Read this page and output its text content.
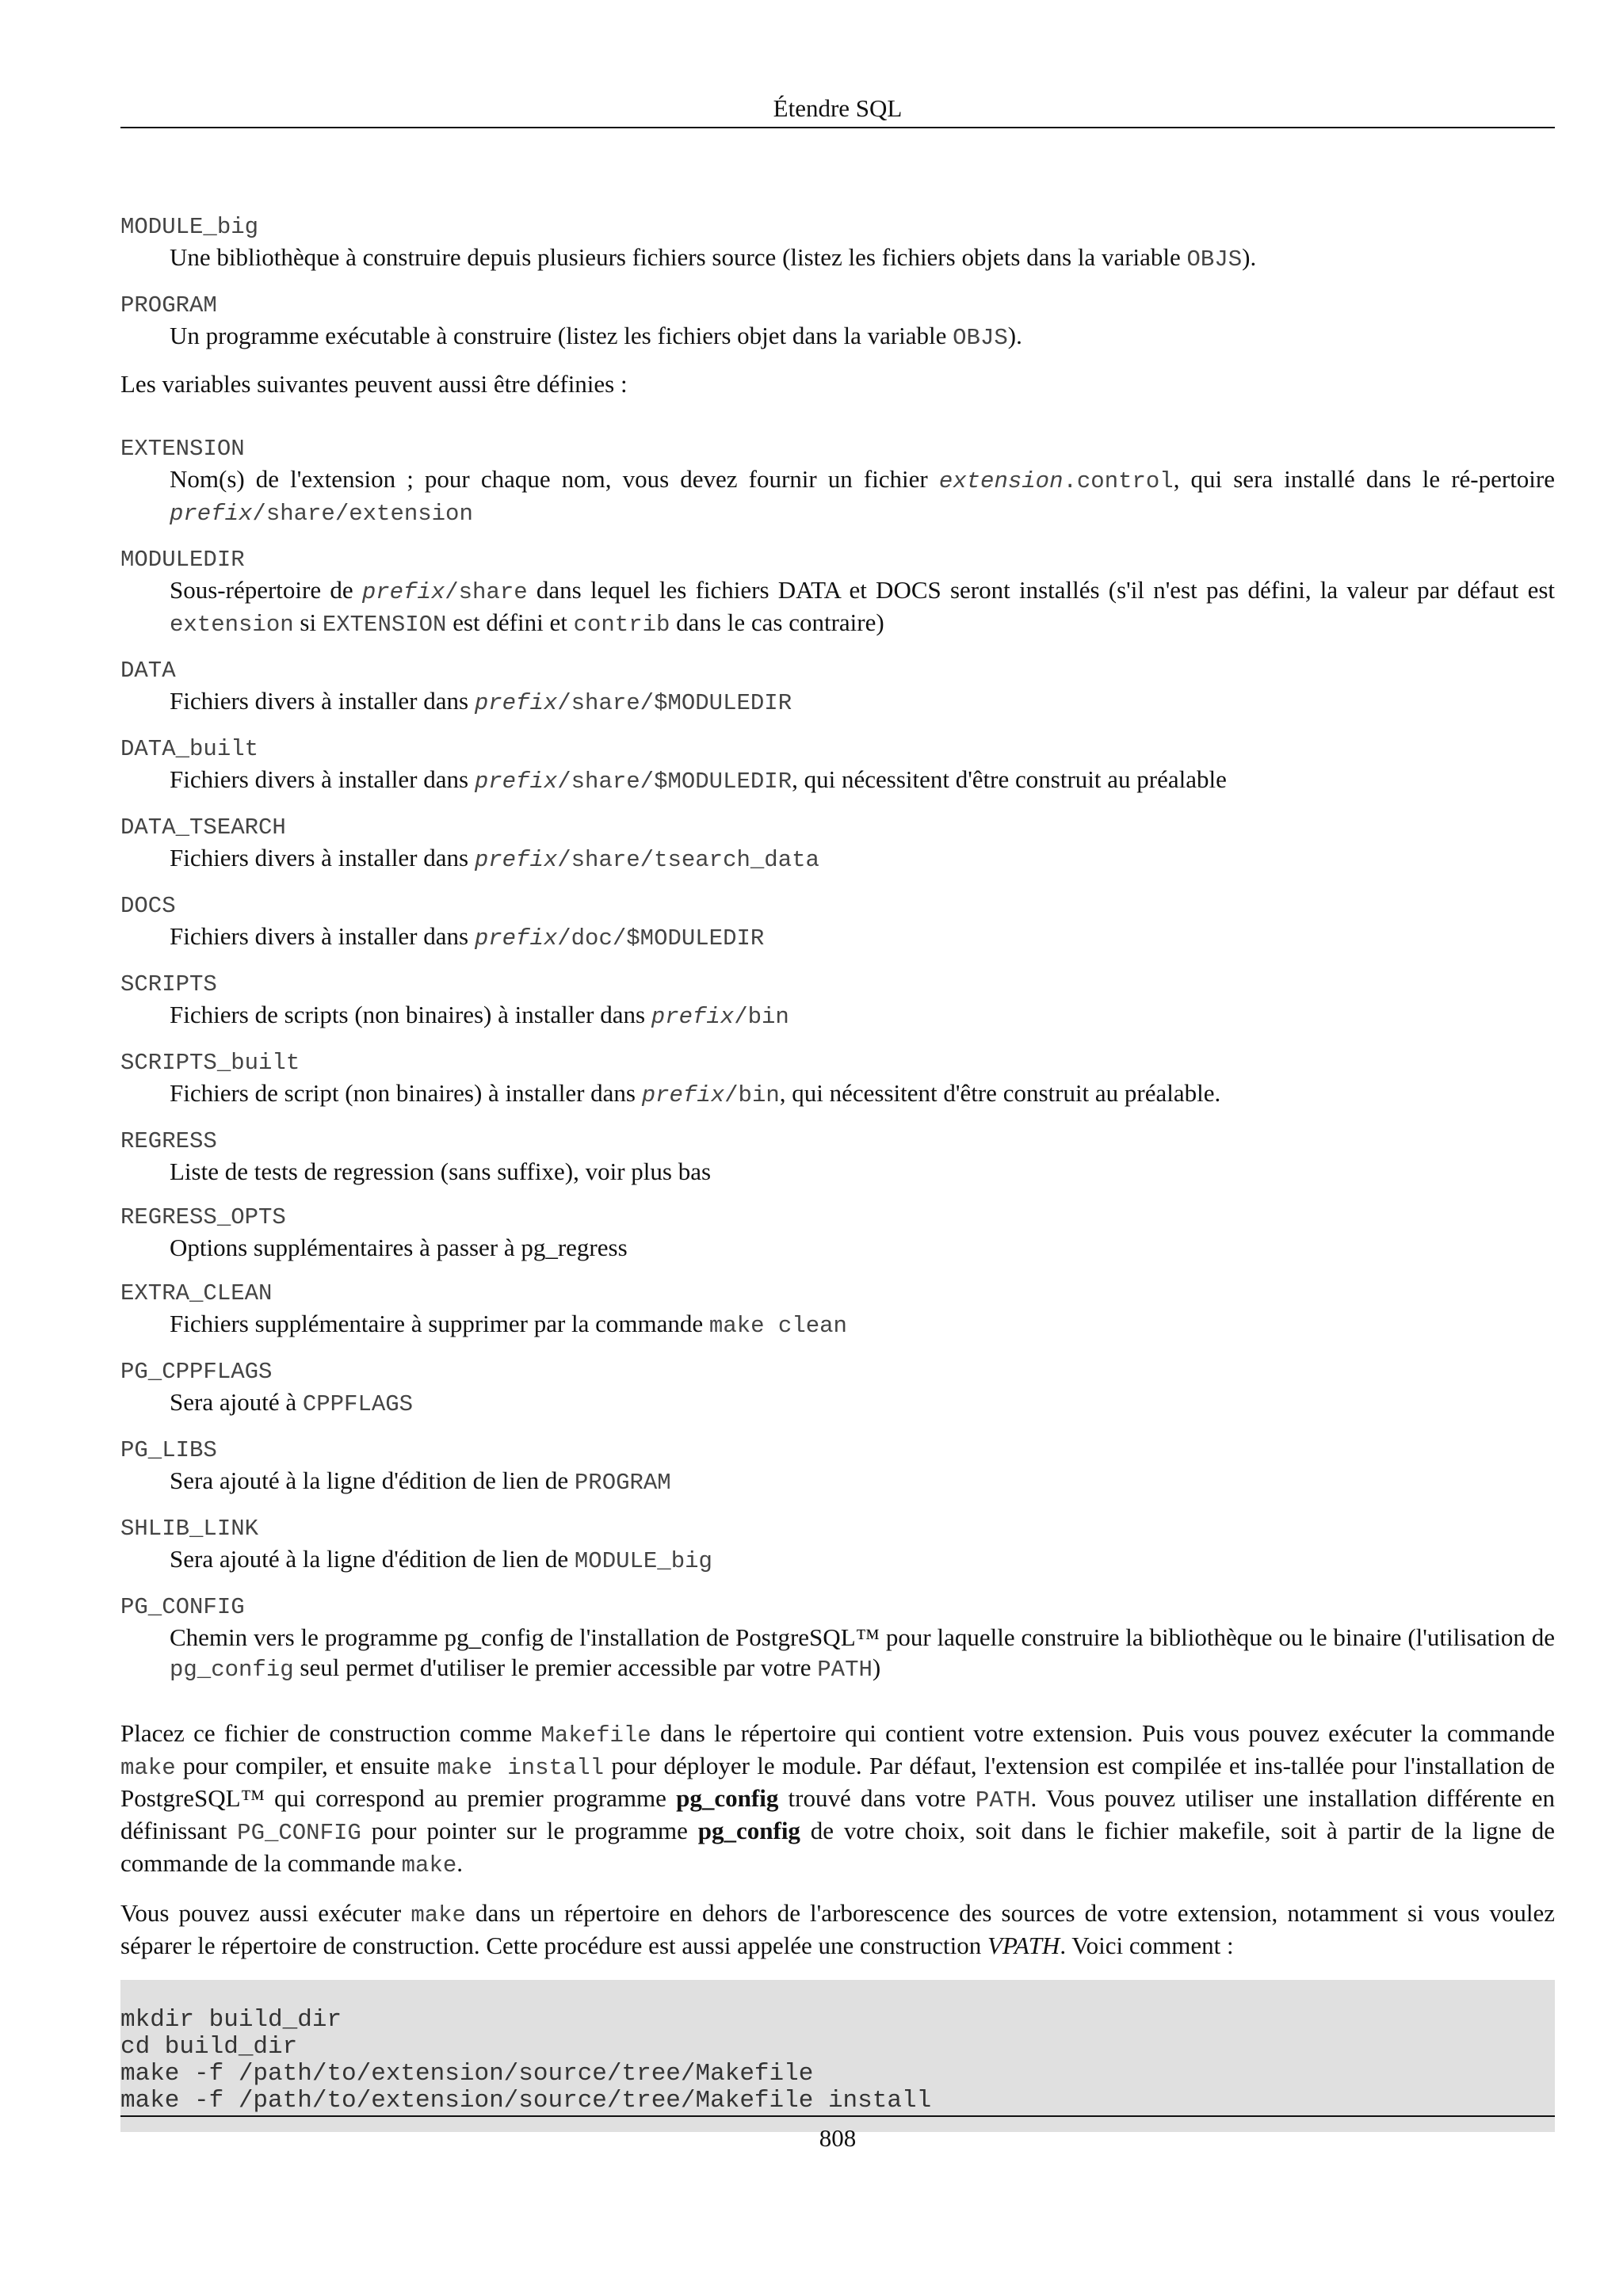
Étendre SQL

MODULE_big

Une bibliothèque à construire depuis plusieurs fichiers source (listez les fichiers objets dans la variable OBJS).

PROGRAM

Un programme exécutable à construire (listez les fichiers objet dans la variable OBJS).

Les variables suivantes peuvent aussi être définies :

EXTENSION

Nom(s) de l'extension ; pour chaque nom, vous devez fournir un fichier extension.control, qui sera installé dans le ré-pertoire prefix/share/extension

MODULEDIR

Sous-répertoire de prefix/share dans lequel les fichiers DATA et DOCS seront installés (s'il n'est pas défini, la valeur par défaut est extension si EXTENSION est défini et contrib dans le cas contraire)

DATA

Fichiers divers à installer dans prefix/share/$MODULEDIR

DATA_built

Fichiers divers à installer dans prefix/share/$MODULEDIR, qui nécessitent d'être construit au préalable

DATA_TSEARCH

Fichiers divers à installer dans prefix/share/tsearch_data

DOCS

Fichiers divers à installer dans prefix/doc/$MODULEDIR

SCRIPTS

Fichiers de scripts (non binaires) à installer dans prefix/bin

SCRIPTS_built

Fichiers de script (non binaires) à installer dans prefix/bin, qui nécessitent d'être construit au préalable.

REGRESS

Liste de tests de regression (sans suffixe), voir plus bas

REGRESS_OPTS

Options supplémentaires à passer à pg_regress

EXTRA_CLEAN

Fichiers supplémentaire à supprimer par la commande make clean

PG_CPPFLAGS

Sera ajouté à CPPFLAGS

PG_LIBS

Sera ajouté à la ligne d'édition de lien de PROGRAM

SHLIB_LINK

Sera ajouté à la ligne d'édition de lien de MODULE_big

PG_CONFIG

Chemin vers le programme pg_config de l'installation de PostgreSQL™ pour laquelle construire la bibliothèque ou le binaire (l'utilisation de pg_config seul permet d'utiliser le premier accessible par votre PATH)

Placez ce fichier de construction comme Makefile dans le répertoire qui contient votre extension. Puis vous pouvez exécuter la commande make pour compiler, et ensuite make install pour déployer le module. Par défaut, l'extension est compilée et ins-tallée pour l'installation de PostgreSQL™ qui correspond au premier programme pg_config trouvé dans votre PATH. Vous pouvez utiliser une installation différente en définissant PG_CONFIG pour pointer sur le programme pg_config de votre choix, soit dans le fichier makefile, soit à partir de la ligne de commande de la commande make.

Vous pouvez aussi exécuter make dans un répertoire en dehors de l'arborescence des sources de votre extension, notamment si vous voulez séparer le répertoire de construction. Cette procédure est aussi appelée une construction VPATH. Voici comment :

mkdir build_dir
cd build_dir
make -f /path/to/extension/source/tree/Makefile
make -f /path/to/extension/source/tree/Makefile install
808
